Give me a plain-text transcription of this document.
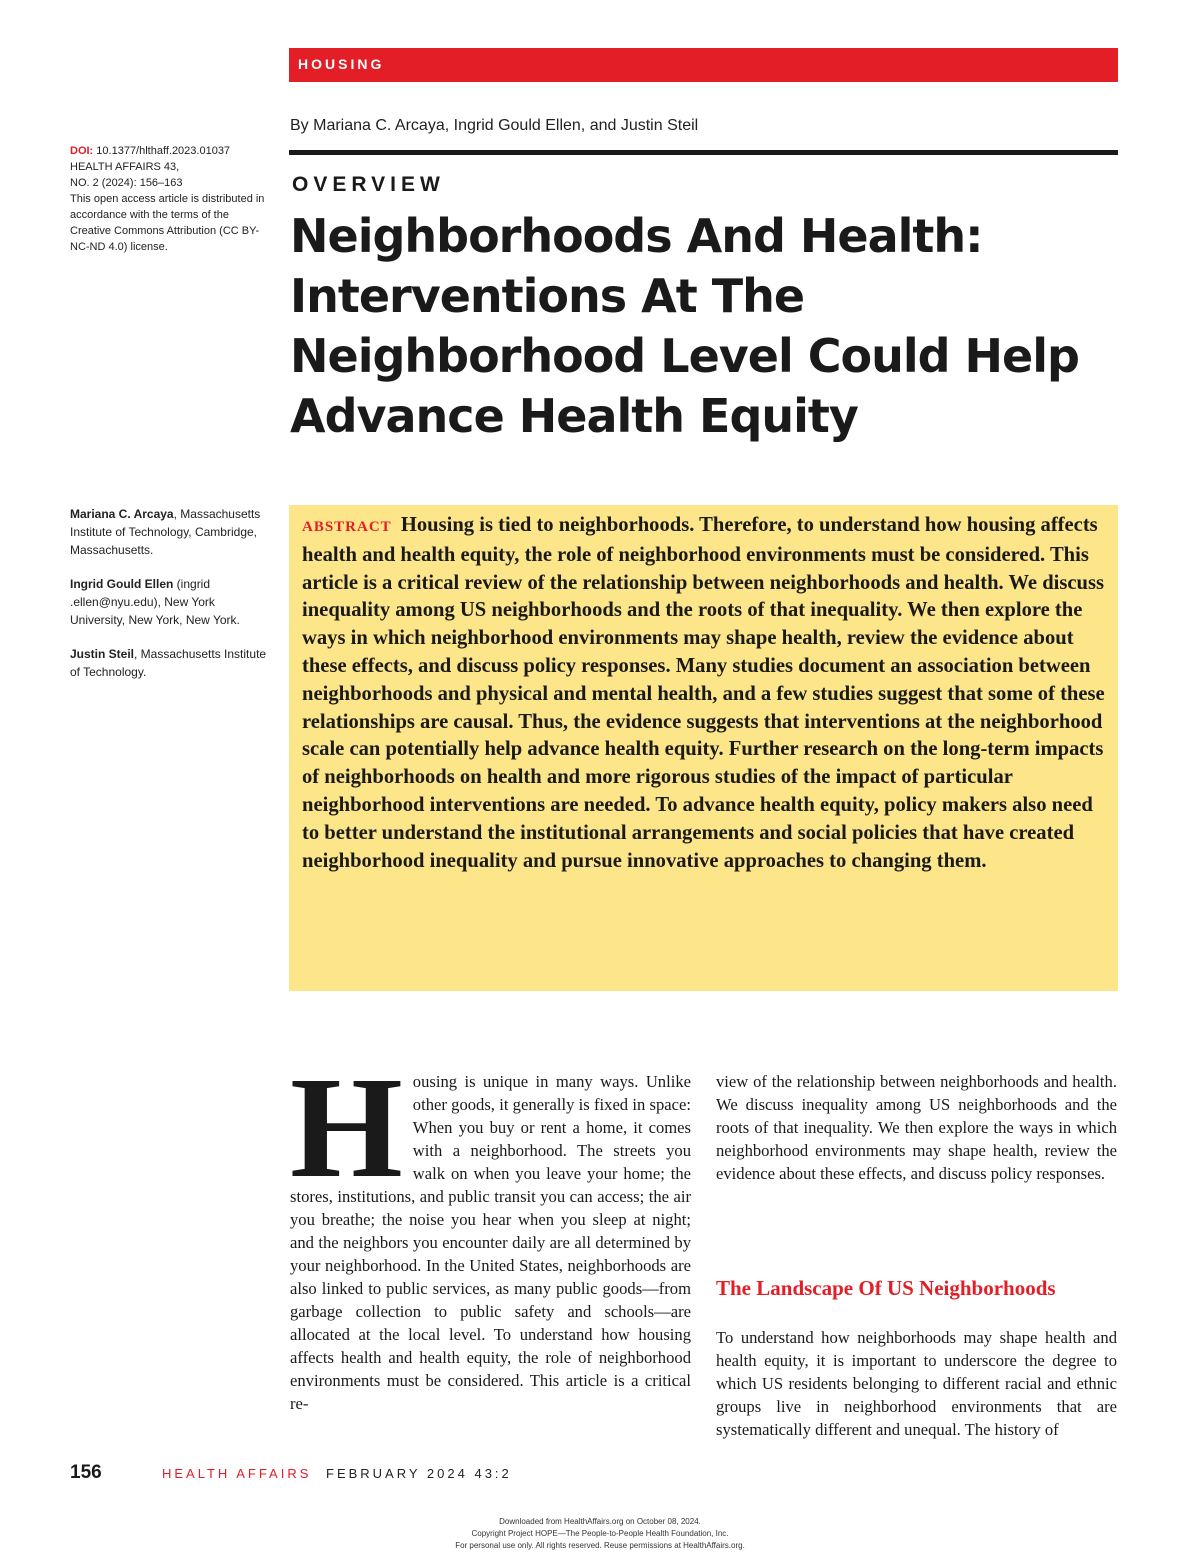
HOUSING
By Mariana C. Arcaya, Ingrid Gould Ellen, and Justin Steil
OVERVIEW
Neighborhoods And Health: Interventions At The Neighborhood Level Could Help Advance Health Equity
DOI: 10.1377/hlthaff.2023.01037
HEALTH AFFAIRS 43,
NO. 2 (2024): 156–163
This open access article is distributed in accordance with the terms of the Creative Commons Attribution (CC BY-NC-ND 4.0) license.
Mariana C. Arcaya, Massachusetts Institute of Technology, Cambridge, Massachusetts.
Ingrid Gould Ellen (ingrid .ellen@nyu.edu), New York University, New York, New York.
Justin Steil, Massachusetts Institute of Technology.
ABSTRACT Housing is tied to neighborhoods. Therefore, to understand how housing affects health and health equity, the role of neighborhood environments must be considered. This article is a critical review of the relationship between neighborhoods and health. We discuss inequality among US neighborhoods and the roots of that inequality. We then explore the ways in which neighborhood environments may shape health, review the evidence about these effects, and discuss policy responses. Many studies document an association between neighborhoods and physical and mental health, and a few studies suggest that some of these relationships are causal. Thus, the evidence suggests that interventions at the neighborhood scale can potentially help advance health equity. Further research on the long-term impacts of neighborhoods on health and more rigorous studies of the impact of particular neighborhood interventions are needed. To advance health equity, policy makers also need to better understand the institutional arrangements and social policies that have created neighborhood inequality and pursue innovative approaches to changing them.
Housing is unique in many ways. Unlike other goods, it generally is fixed in space: When you buy or rent a home, it comes with a neighborhood. The streets you walk on when you leave your home; the stores, institutions, and public transit you can access; the air you breathe; the noise you hear when you sleep at night; and the neighbors you encounter daily are all determined by your neighborhood. In the United States, neighborhoods are also linked to public services, as many public goods—from garbage collection to public safety and schools—are allocated at the local level. To understand how housing affects health and health equity, the role of neighborhood environments must be considered. This article is a critical re-
view of the relationship between neighborhoods and health. We discuss inequality among US neighborhoods and the roots of that inequality. We then explore the ways in which neighborhood environments may shape health, review the evidence about these effects, and discuss policy responses.
The Landscape Of US Neighborhoods
To understand how neighborhoods may shape health and health equity, it is important to underscore the degree to which US residents belonging to different racial and ethnic groups live in neighborhood environments that are systematically different and unequal. The history of
156	HEALTH AFFAIRS FEBRUARY 2024 43:2
Downloaded from HealthAffairs.org on October 08, 2024.
Copyright Project HOPE—The People-to-People Health Foundation, Inc.
For personal use only. All rights reserved. Reuse permissions at HealthAffairs.org.
